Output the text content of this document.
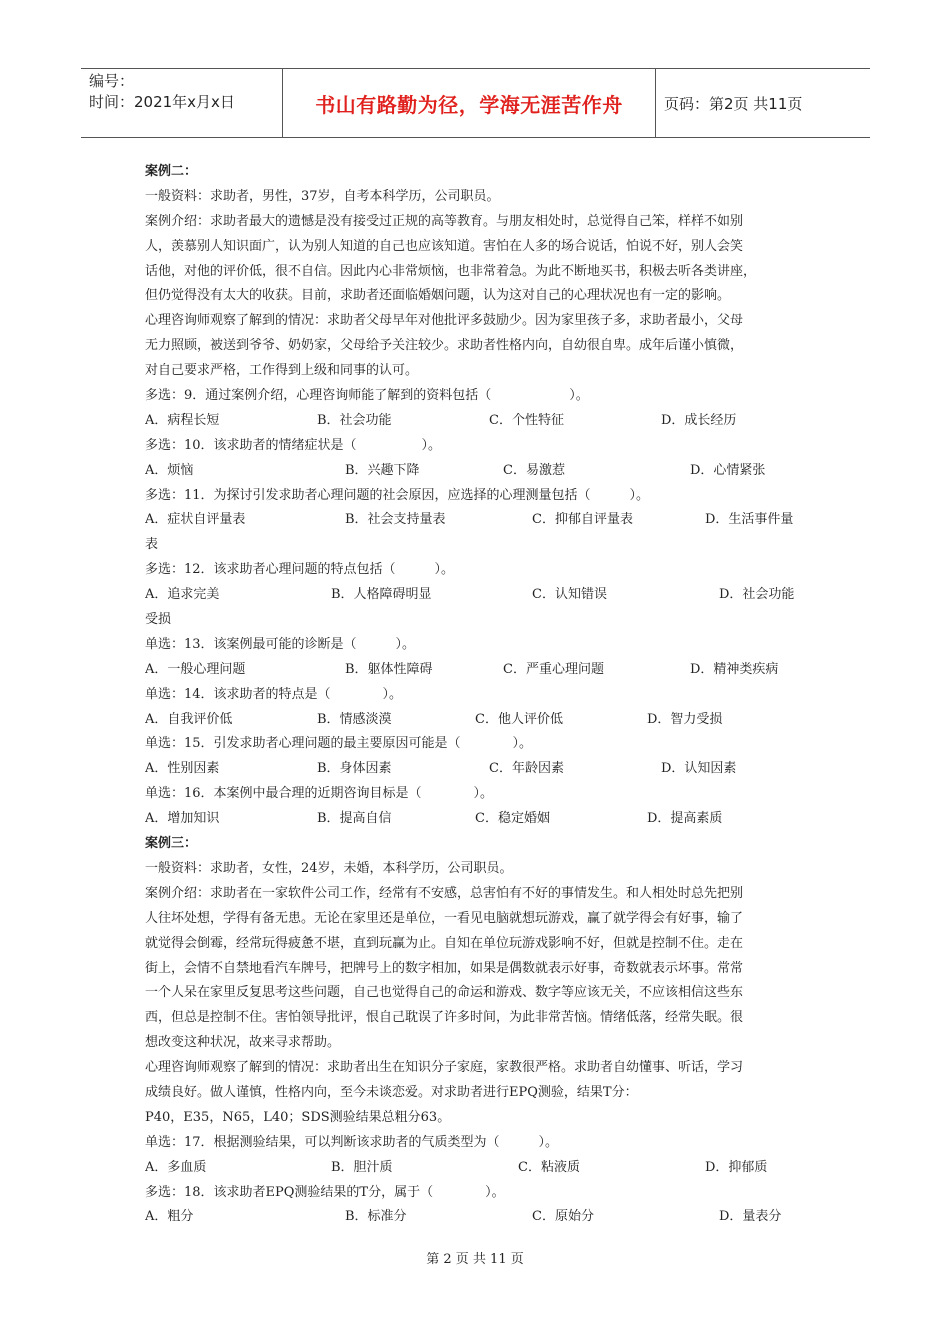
编号：
时间：2021年x月x日	书山有路勤为径，学海无涯苦作舟	页码：第2页 共11页
案例二：
一般资料：求助者，男性，37岁，自考本科学历，公司职员。
案例介绍：求助者最大的遗憾是没有接受过正规的高等教育。与朋友相处时，总觉得自己笨，样样不如别
人，羡慕别人知识面广，认为别人知道的自己也应该知道。害怕在人多的场合说话，怕说不好，别人会笑
话他，对他的评价低，很不自信。因此内心非常烦恼，也非常着急。为此不断地买书，积极去听各类讲座，
但仍觉得没有太大的收获。目前，求助者还面临婚姻问题，认为这对自己的心理状况也有一定的影响。
心理咨询师观察了解到的情况：求助者父母早年对他批评多鼓励少。因为家里孩子多，求助者最小，父母
无力照顾，被送到爷爷、奶奶家，父母给予关注较少。求助者性格内向，自幼很自卑。成年后谨小慎微，
对自己要求严格，工作得到上级和同事的认可。
多选：9．通过案例介绍，心理咨询师能了解到的资料包括（　　　　　　）。
A．病程长短	B．社会功能	C．个性特征	D．成长经历
多选：10．该求助者的情绪症状是（　　　　　）。
A．烦恼	B．兴趣下降	C．易激惹	D．心情紧张
多选：11．为探讨引发求助者心理问题的社会原因，应选择的心理测量包括（　　　）。
A．症状自评量表	B．社会支持量表	C．抑郁自评量表	D．生活事件量
表
多选：12．该求助者心理问题的特点包括（　　　）。
A．追求完美	B．人格障碍明显	C．认知错误	D．社会功能
受损
单选：13．该案例最可能的诊断是（　　　）。
A．一般心理问题	B．躯体性障碍	C．严重心理问题	D．精神类疾病
单选：14．该求助者的特点是（　　　　）。
A．自我评价低	B．情感淡漠	C．他人评价低	D．智力受损
单选：15．引发求助者心理问题的最主要原因可能是（　　　　）。
A．性别因素	B．身体因素	C．年龄因素	D．认知因素
单选：16．本案例中最合理的近期咨询目标是（　　　　）。
A．增加知识	B．提高自信	C．稳定婚姻	D．提高素质
案例三：
一般资料：求助者，女性，24岁，未婚，本科学历，公司职员。
案例介绍：求助者在一家软件公司工作，经常有不安感，总害怕有不好的事情发生。和人相处时总先把别
人往坏处想，学得有备无患。无论在家里还是单位，一看见电脑就想玩游戏，赢了就学得会有好事，输了
就觉得会倒霉，经常玩得疲惫不堪，直到玩赢为止。自知在单位玩游戏影响不好，但就是控制不住。走在
街上，会情不自禁地看汽车牌号，把牌号上的数字相加，如果是偶数就表示好事，奇数就表示坏事。常常
一个人呆在家里反复思考这些问题，自己也觉得自己的命运和游戏、数字等应该无关，不应该相信这些东
西，但总是控制不住。害怕领导批评，恨自己耽误了许多时间，为此非常苦恼。情绪低落，经常失眠。很
想改变这种状况，故来寻求帮助。
心理咨询师观察了解到的情况：求助者出生在知识分子家庭，家教很严格。求助者自幼懂事、听话，学习
成绩良好。做人谨慎，性格内向，至今未谈恋爱。对求助者进行EPQ测验，结果T分：
P40，E35，N65，L40；SDS测验结果总粗分63。
单选：17．根据测验结果，可以判断该求助者的气质类型为（　　　）。
A．多血质	B．胆汁质	C．粘液质	D．抑郁质
多选：18．该求助者EPQ测验结果的T分，属于（　　　　）。
A．粗分	B．标准分	C．原始分	D．量表分
第 2 页 共 11 页
